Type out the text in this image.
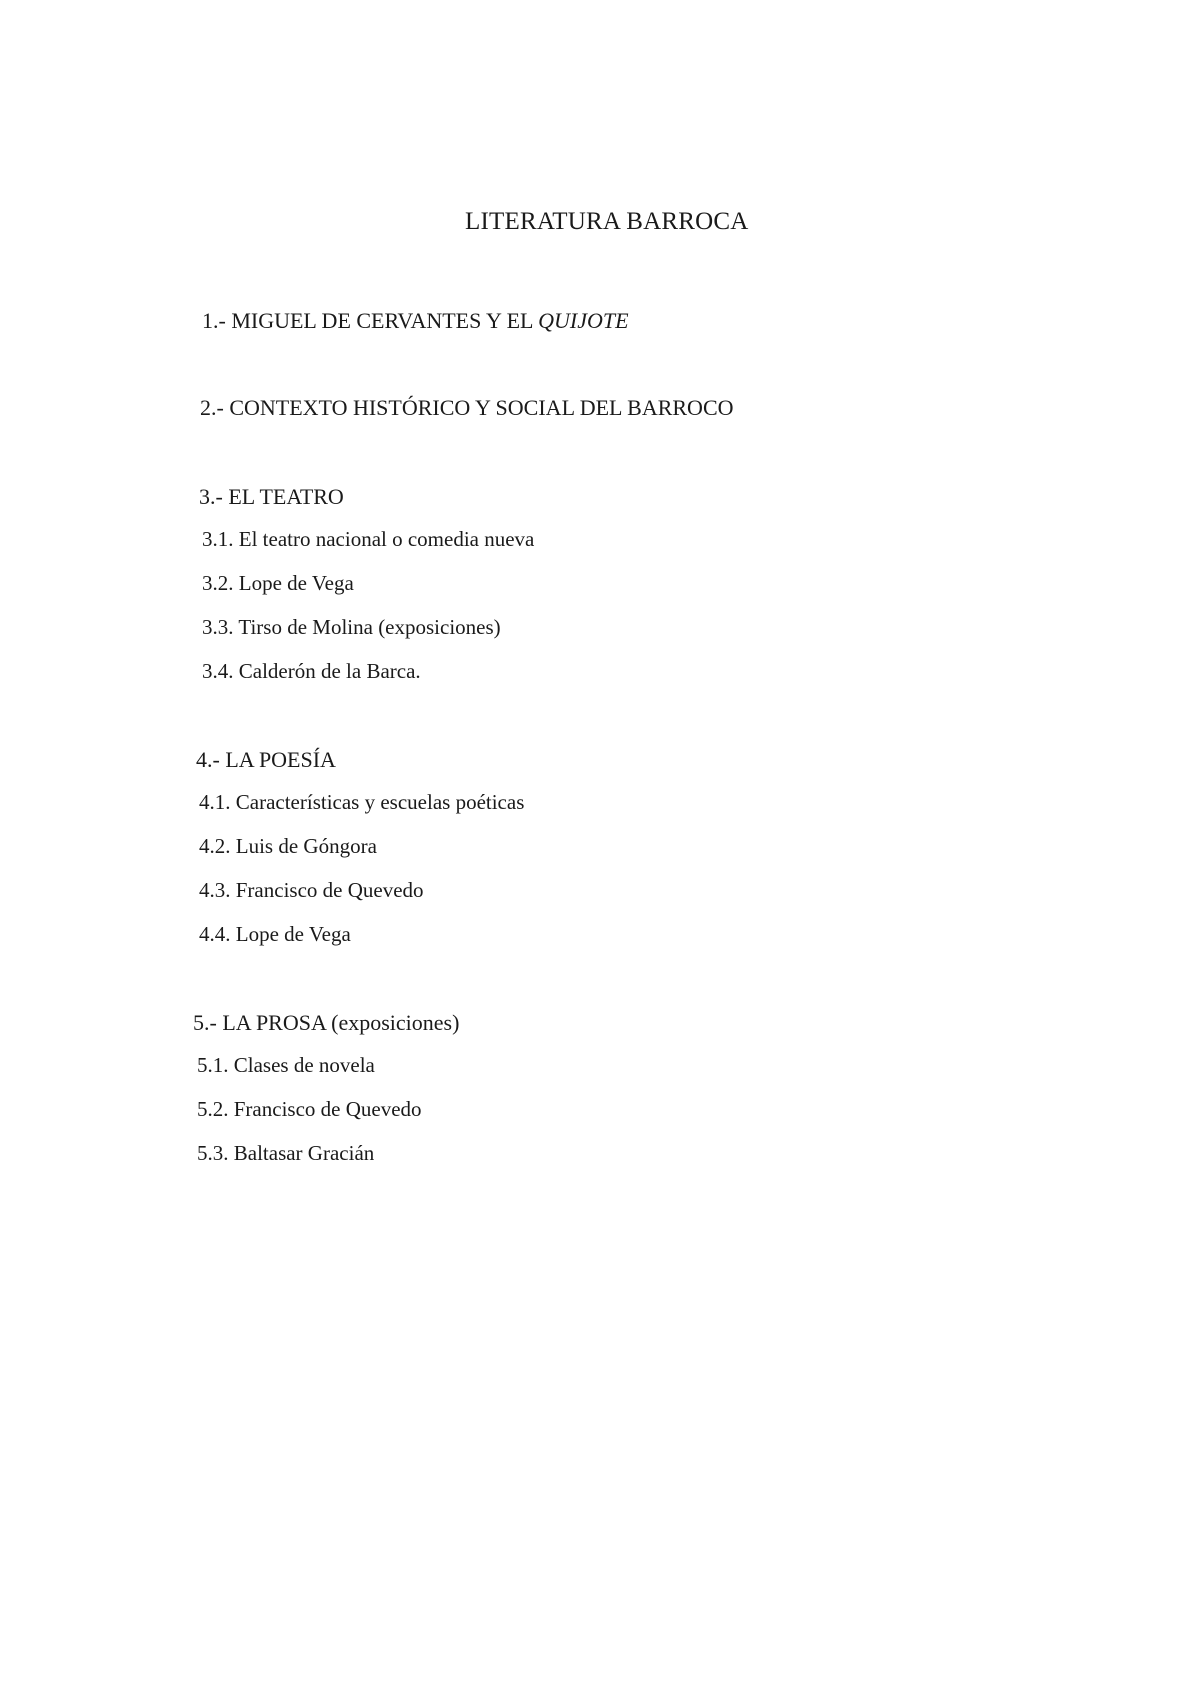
LITERATURA BARROCA
1.- MIGUEL DE CERVANTES Y EL QUIJOTE
2.- CONTEXTO HISTÓRICO Y SOCIAL DEL BARROCO
3.- EL TEATRO
3.1. El teatro nacional o comedia nueva
3.2. Lope de Vega
3.3. Tirso de Molina (exposiciones)
3.4. Calderón de la Barca.
4.- LA POESÍA
4.1. Características y escuelas poéticas
4.2. Luis de Góngora
4.3. Francisco de Quevedo
4.4. Lope de Vega
5.- LA PROSA (exposiciones)
5.1. Clases de novela
5.2. Francisco de Quevedo
5.3. Baltasar Gracián
